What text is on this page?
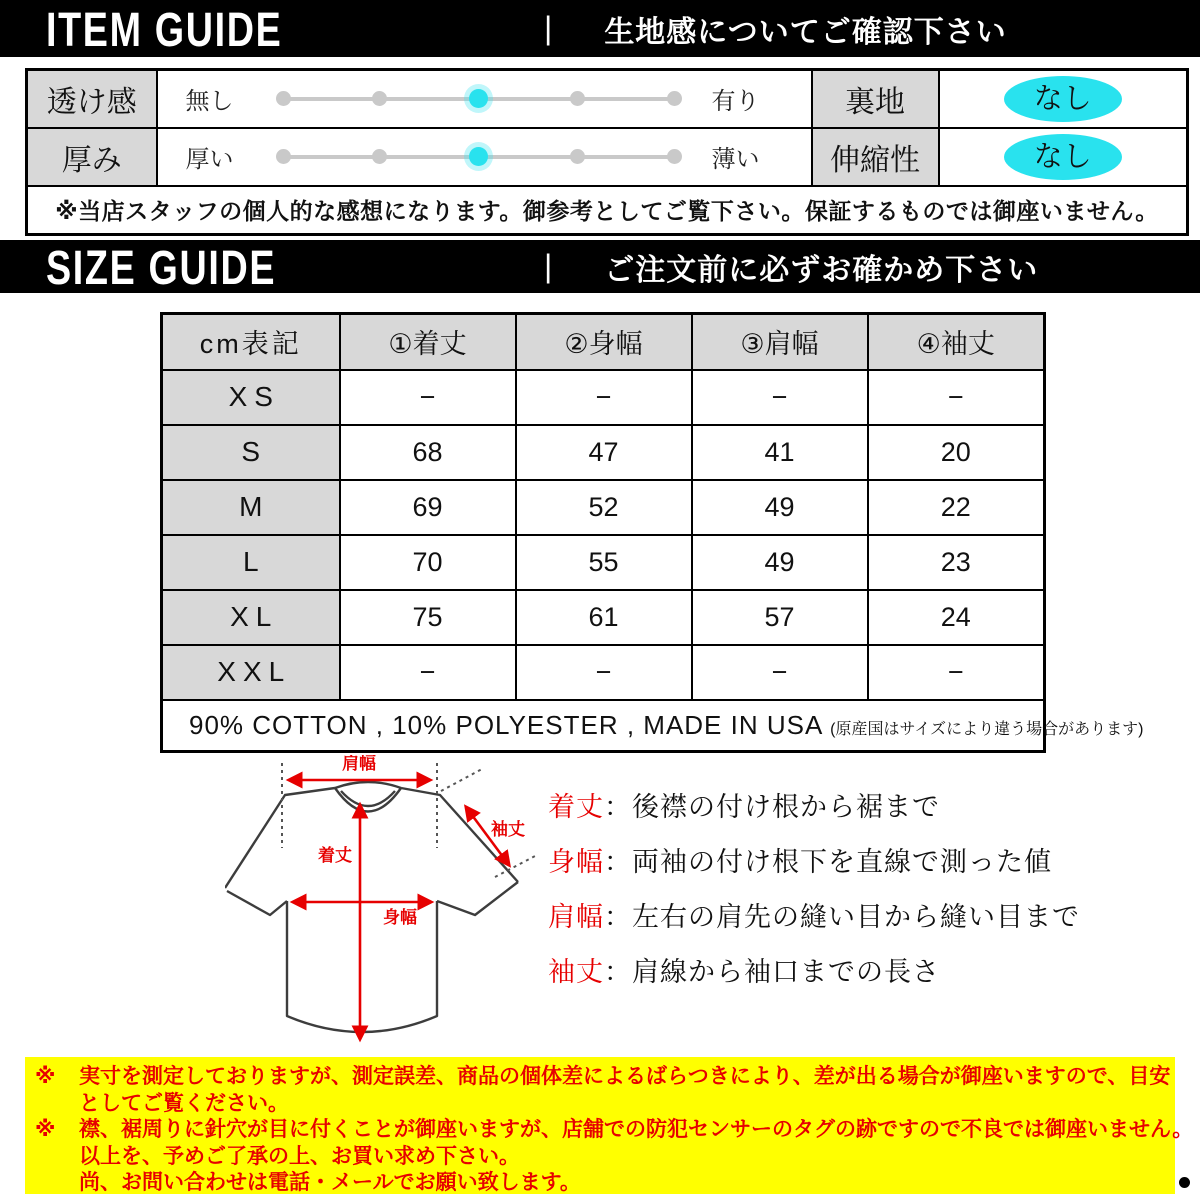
ITEM GUIDE	| 生地感についてご確認下さい
透け感	無し 有り	裏地	なし
厚み	厚い 薄い	伸縮性	なし
※当店スタッフの個人的な感想になります。御参考としてご覧下さい。保証するものでは御座いません。			
SIZE GUIDE	| ご注文前に必ずお確かめ下さい
cm表記	①着丈	②身幅	③肩幅	④袖丈
XS	−	−	−	−
S	68	47	41	20
M	69	52	49	22
L	70	55	49	23
XL	75	61	57	24
XXL	−	−	−	−
90% COTTON , 10% POLYESTER , MADE IN USA (原産国はサイズにより違う場合があります)				
肩幅
着丈
身幅
袖丈
着丈 ： 後襟の付け根から裾まで
身幅 ： 両袖の付け根下を直線で測った値
肩幅 ： 左右の肩先の縫い目から縫い目まで
袖丈 ： 肩線から袖口までの長さ
※	実寸を測定しておりますが、測定誤差、商品の個体差によるばらつきにより、差が出る場合が御座いますので、目安
としてご覧ください。
※	襟、裾周りに針穴が目に付くことが御座いますが、店舗での防犯センサーのタグの跡ですので不良では御座いません。
以上を、予めご了承の上、お買い求め下さい。
尚、お問い合わせは電話・メールでお願い致します。
